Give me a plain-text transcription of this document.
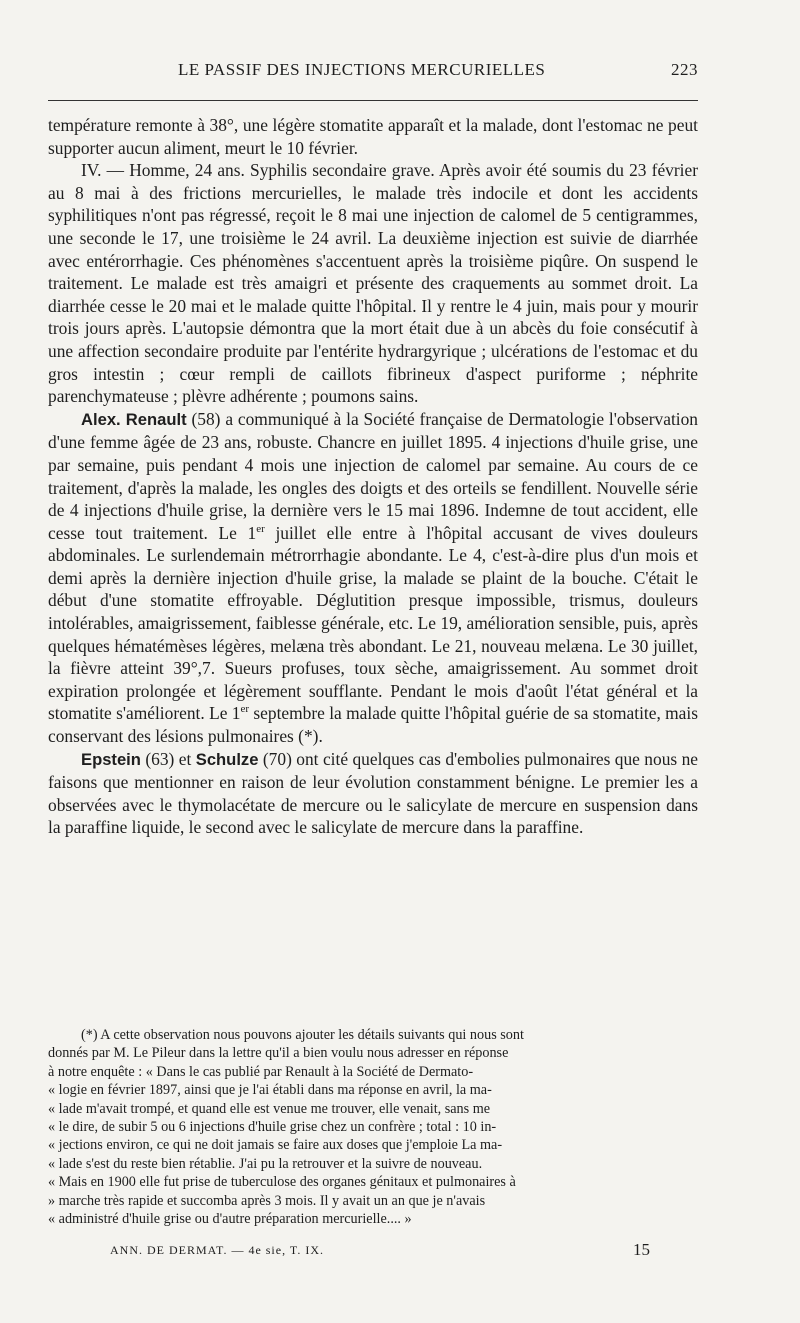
LE PASSIF DES INJECTIONS MERCURIELLES	223

température remonte à 38°, une légère stomatite apparaît et la malade, dont l'estomac ne peut supporter aucun aliment, meurt le 10 février.

IV. — Homme, 24 ans. Syphilis secondaire grave. Après avoir été soumis du 23 février au 8 mai à des frictions mercurielles, le malade très indocile et dont les accidents syphilitiques n'ont pas régressé, reçoit le 8 mai une injection de calomel de 5 centigrammes, une seconde le 17, une troisième le 24 avril. La deuxième injection est suivie de diarrhée avec entérorrhagie. Ces phénomènes s'accentuent après la troisième piqûre. On suspend le traitement. Le malade est très amaigri et présente des craquements au sommet droit. La diarrhée cesse le 20 mai et le malade quitte l'hôpital. Il y rentre le 4 juin, mais pour y mourir trois jours après. L'autopsie démontra que la mort était due à un abcès du foie consécutif à une affection secondaire produite par l'entérite hydrargyrique ; ulcérations de l'estomac et du gros intestin ; cœur rempli de caillots fibrineux d'aspect puriforme ; néphrite parenchymateuse ; plèvre adhérente ; poumons sains.

Alex. Renault (58) a communiqué à la Société française de Dermatologie l'observation d'une femme âgée de 23 ans, robuste. Chancre en juillet 1895. 4 injections d'huile grise, une par semaine, puis pendant 4 mois une injection de calomel par semaine. Au cours de ce traitement, d'après la malade, les ongles des doigts et des orteils se fendillent. Nouvelle série de 4 injections d'huile grise, la dernière vers le 15 mai 1896. Indemne de tout accident, elle cesse tout traitement. Le 1er juillet elle entre à l'hôpital accusant de vives douleurs abdominales. Le surlendemain métrorrhagie abondante. Le 4, c'est-à-dire plus d'un mois et demi après la dernière injection d'huile grise, la malade se plaint de la bouche. C'était le début d'une stomatite effroyable. Déglutition presque impossible, trismus, douleurs intolérables, amaigrissement, faiblesse générale, etc. Le 19, amélioration sensible, puis, après quelques hématémèses légères, melæna très abondant. Le 21, nouveau melæna. Le 30 juillet, la fièvre atteint 39°,7. Sueurs profuses, toux sèche, amaigrissement. Au sommet droit expiration prolongée et légèrement soufflante. Pendant le mois d'août l'état général et la stomatite s'améliorent. Le 1er septembre la malade quitte l'hôpital guérie de sa stomatite, mais conservant des lésions pulmonaires (*).

Epstein (63) et Schulze (70) ont cité quelques cas d'embolies pulmonaires que nous ne faisons que mentionner en raison de leur évolution constamment bénigne. Le premier les a observées avec le thymolacétate de mercure ou le salicylate de mercure en suspension dans la paraffine liquide, le second avec le salicylate de mercure dans la paraffine.

(*) A cette observation nous pouvons ajouter les détails suivants qui nous sont
donnés par M. Le Pileur dans la lettre qu'il a bien voulu nous adresser en réponse
à notre enquête : « Dans le cas publié par Renault à la Société de Dermato-
« logie en février 1897, ainsi que je l'ai établi dans ma réponse en avril, la ma-
« lade m'avait trompé, et quand elle est venue me trouver, elle venait, sans me
« le dire, de subir 5 ou 6 injections d'huile grise chez un confrère ; total : 10 in-
« jections environ, ce qui ne doit jamais se faire aux doses que j'emploie La ma-
« lade s'est du reste bien rétablie. J'ai pu la retrouver et la suivre de nouveau.
« Mais en 1900 elle fut prise de tuberculose des organes génitaux et pulmonaires à
» marche très rapide et succomba après 3 mois. Il y avait un an que je n'avais
« administré d'huile grise ou d'autre préparation mercurielle.... »
ANN. DE DERMAT. — 4e sie, T. IX.	15
